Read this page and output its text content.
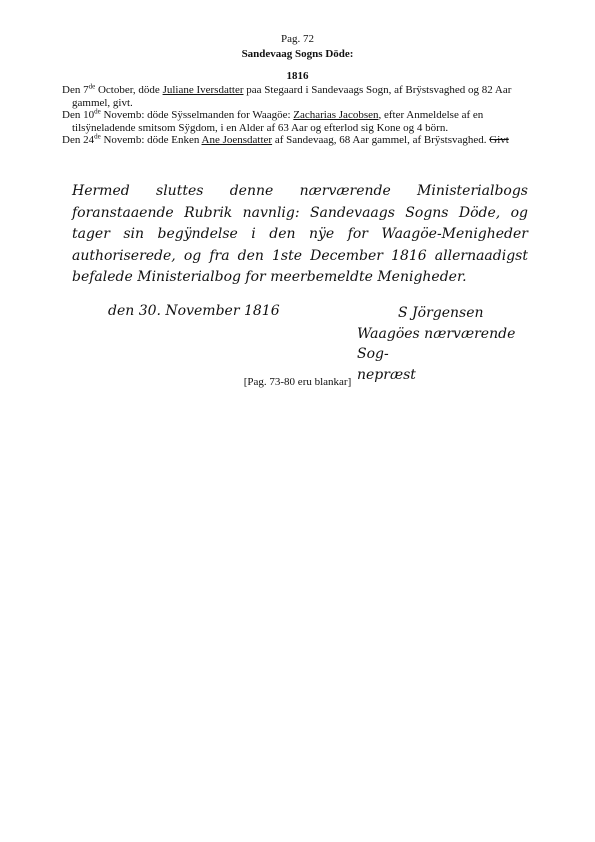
Pag. 72
Sandevaag Sogns Döde:
1816

Den 7de October, döde Juliane Iversdatter paa Stegaard i Sandevaags Sogn, af Brÿstsvaghed og 82 Aar gammel, givt.

Den 10de Novemb: döde Sÿsselmanden for Waagöe: Zacharias Jacobsen, efter Anmeldelse af en tilsÿneladende smitsom Sÿgdom, i en Alder af 63 Aar og efterlod sig Kone og 4 börn.

Den 24de Novemb: döde Enken Ane Joensdatter af Sandevaag, 68 Aar gammel, af Brÿstsvaghed. Givt

Hermed sluttes denne nærværende Ministerialbogs foranstaaende Rubrik navnlig: Sandevaags Sogns Döde, og tager sin begÿndelse i den nÿe for Waagöe-Menigheder authoriserede, og fra den 1ste December 1816 allernaadigst befalede Ministerialbog for meerbemeldte Menigheder.

den 30. November 1816	S Jörgensen
Waagöes nærværende Sog-
nepræst
[Pag. 73-80 eru blankar]
